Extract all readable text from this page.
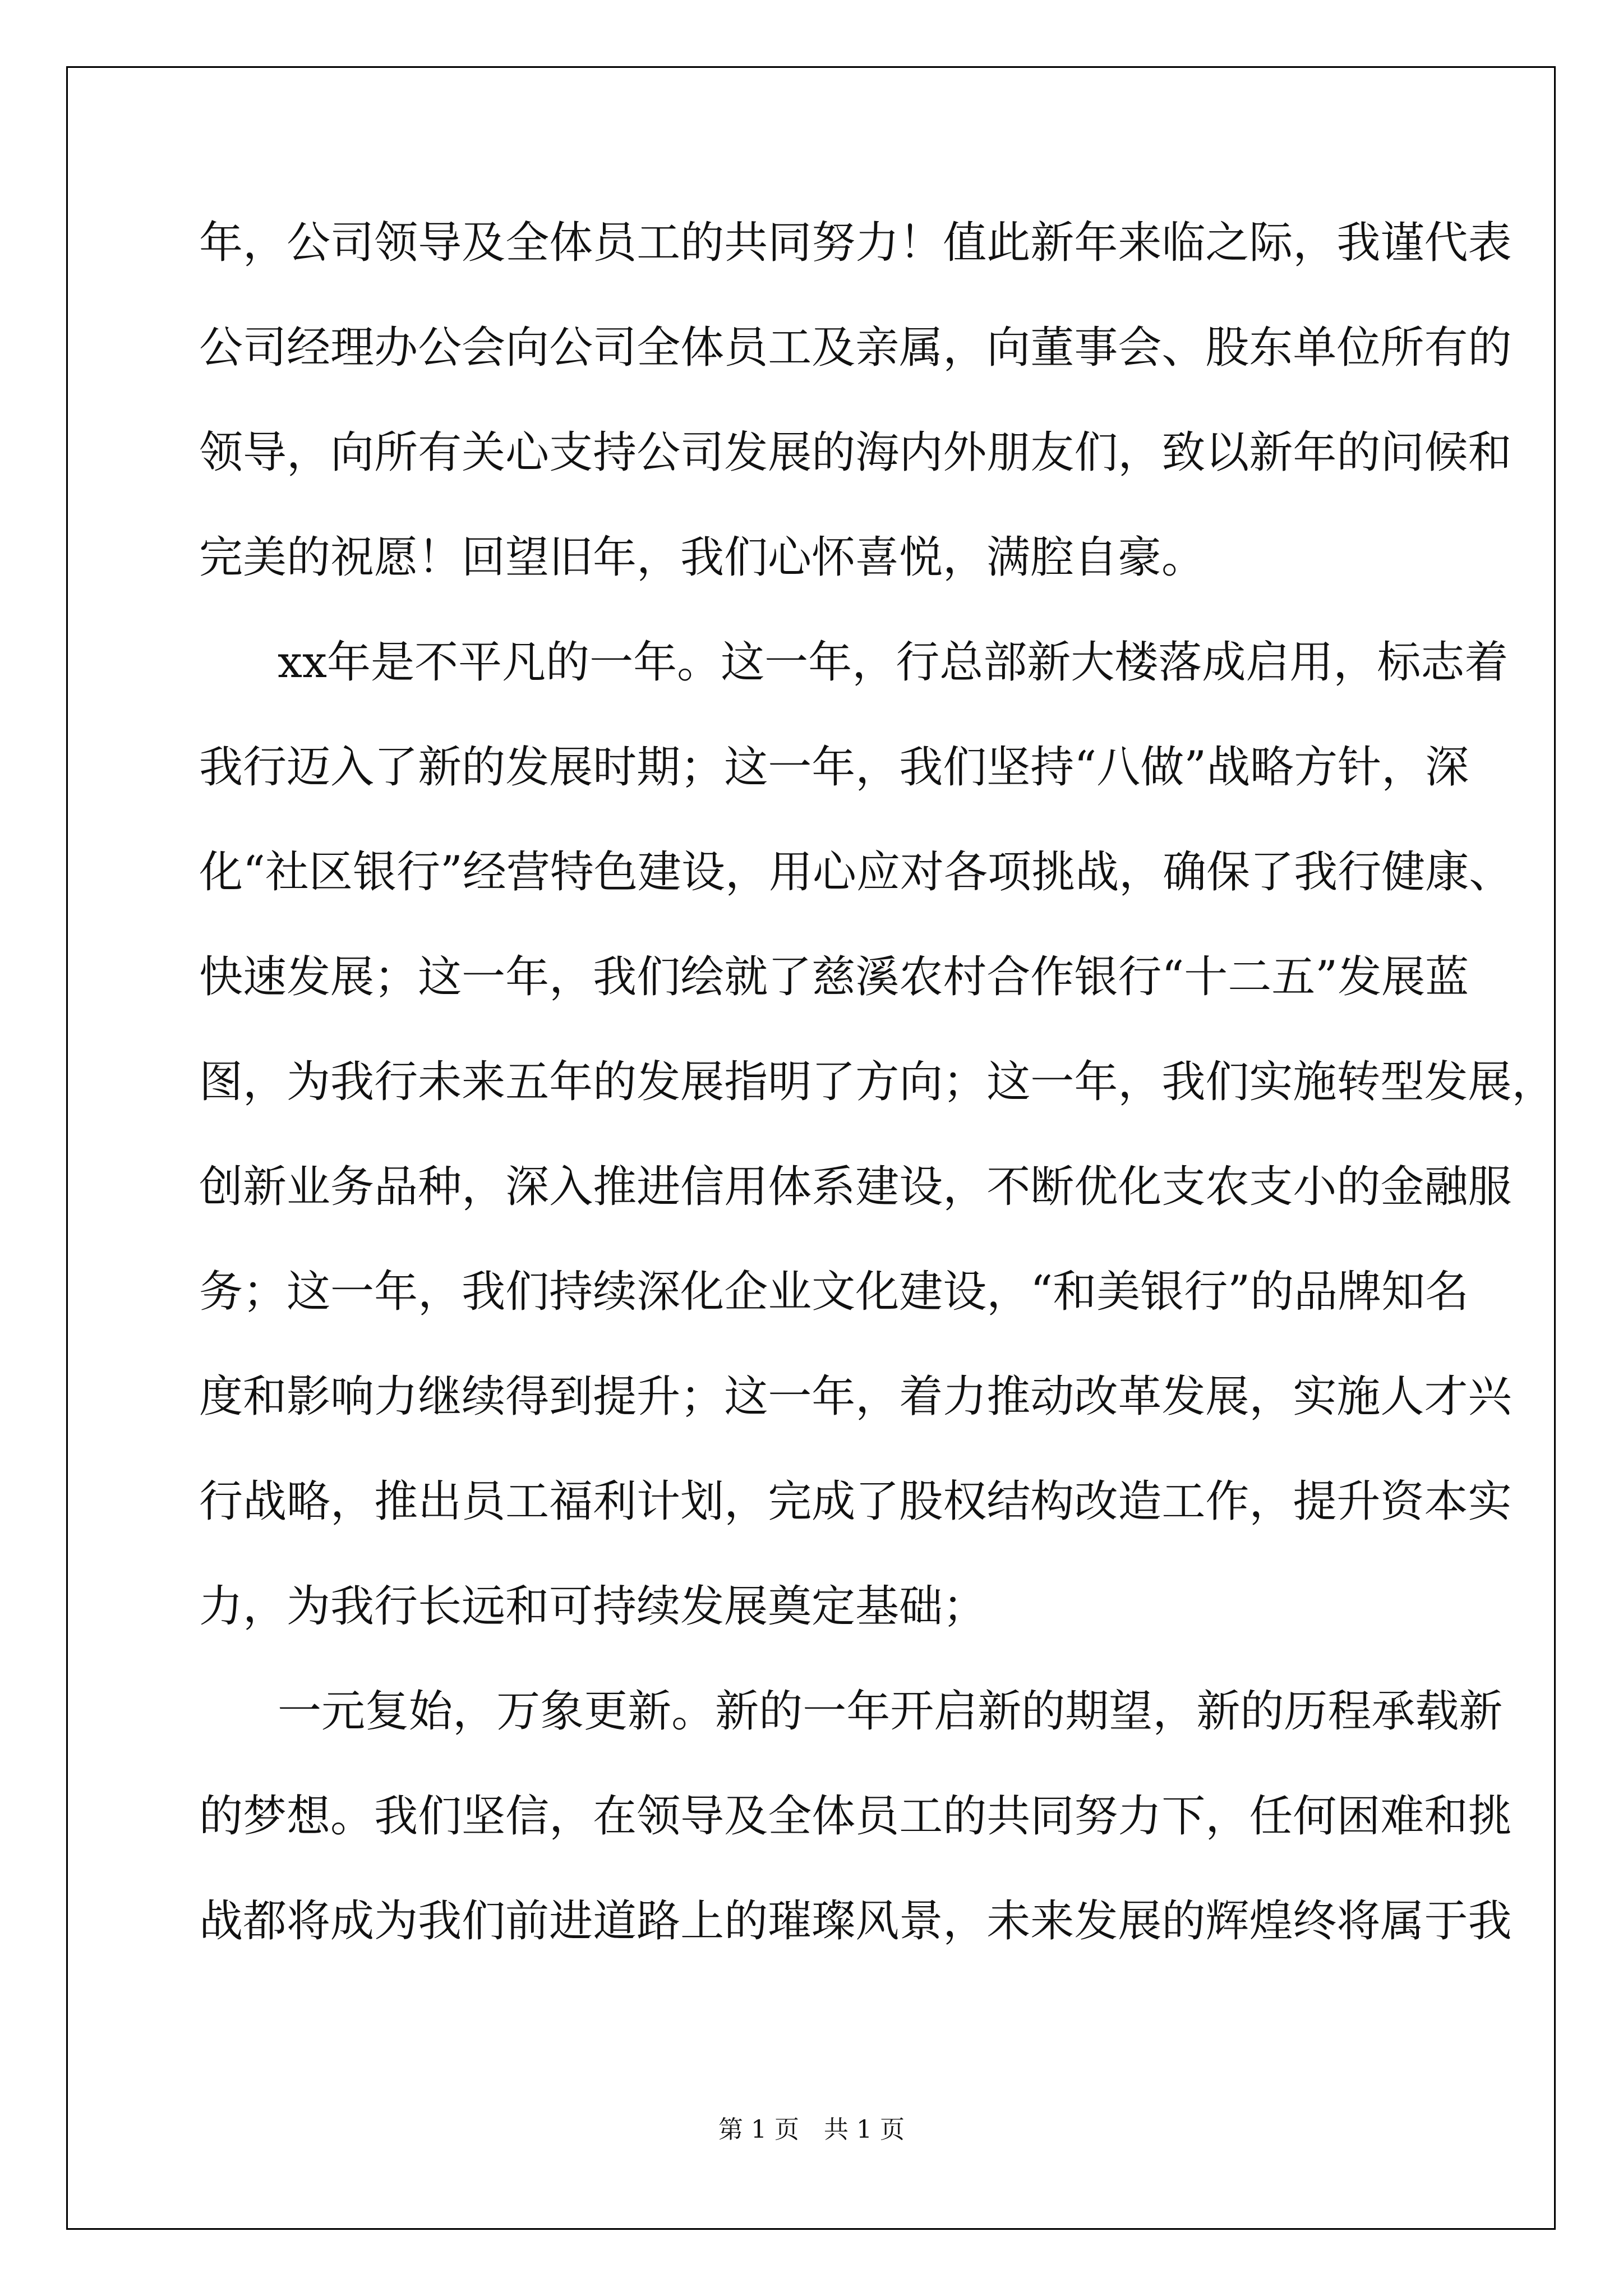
年 ， 公 司 领 导 及 全 体 员 工 的 共 同 努 力 ！ 值 此 新 年 来 临 之 际 ， 我 谨 代 表
公 司 经 理 办 公 会 向 公 司 全 体 员 工 及 亲 属 ， 向 董 事 会 、 股 东 单 位 所 有 的
领 导 ， 向 所 有 关 心 支 持 公 司 发 展 的 海 内 外 朋 友 们 ， 致 以 新 年 的 问 候 和
完美的祝愿！回望旧年，我们心怀喜悦，满腔自豪。
x x 年 是 不 平 凡 的 一 年 。 这 一 年 ， 行 总 部 新 大 楼 落 成 启 用 ， 标 志 着
我 行 迈 入 了 新 的 发 展 时 期 ； 这 一 年 ， 我 们 坚 持 “ 八 做 ” 战 略 方 针 ， 深
化 “ 社 区 银 行 ” 经 营 特 色 建 设 ， 用 心 应 对 各 项 挑 战 ， 确 保 了 我 行 健 康 、
快 速 发 展 ； 这 一 年 ， 我 们 绘 就 了 慈 溪 农 村 合 作 银 行 “ 十 二 五 ” 发 展 蓝
图 ， 为 我 行 未 来 五 年 的 发 展 指 明 了 方 向 ； 这 一 年 ， 我 们 实 施 转 型 发 展 ，
创 新 业 务 品 种 ， 深 入 推 进 信 用 体 系 建 设 ， 不 断 优 化 支 农 支 小 的 金 融 服
务 ； 这 一 年 ， 我 们 持 续 深 化 企 业 文 化 建 设 ， “ 和 美 银 行 ” 的 品 牌 知 名
度 和 影 响 力 继 续 得 到 提 升 ； 这 一 年 ， 着 力 推 动 改 革 发 展 ， 实 施 人 才 兴
行 战 略 ， 推 出 员 工 福 利 计 划 ， 完 成 了 股 权 结 构 改 造 工 作 ， 提 升 资 本 实
力，为我行长远和可持续发展奠定基础；
一 元 复 始 ， 万 象 更 新 。 新 的 一 年 开 启 新 的 期 望 ， 新 的 历 程 承 载 新
的 梦 想 。 我 们 坚 信 ， 在 领 导 及 全 体 员 工 的 共 同 努 力 下 ， 任 何 困 难 和 挑
战 都 将 成 为 我 们 前 进 道 路 上 的 璀 璨 风 景 ， 未 来 发 展 的 辉 煌 终 将 属 于 我
第 1 页　共 1 页
